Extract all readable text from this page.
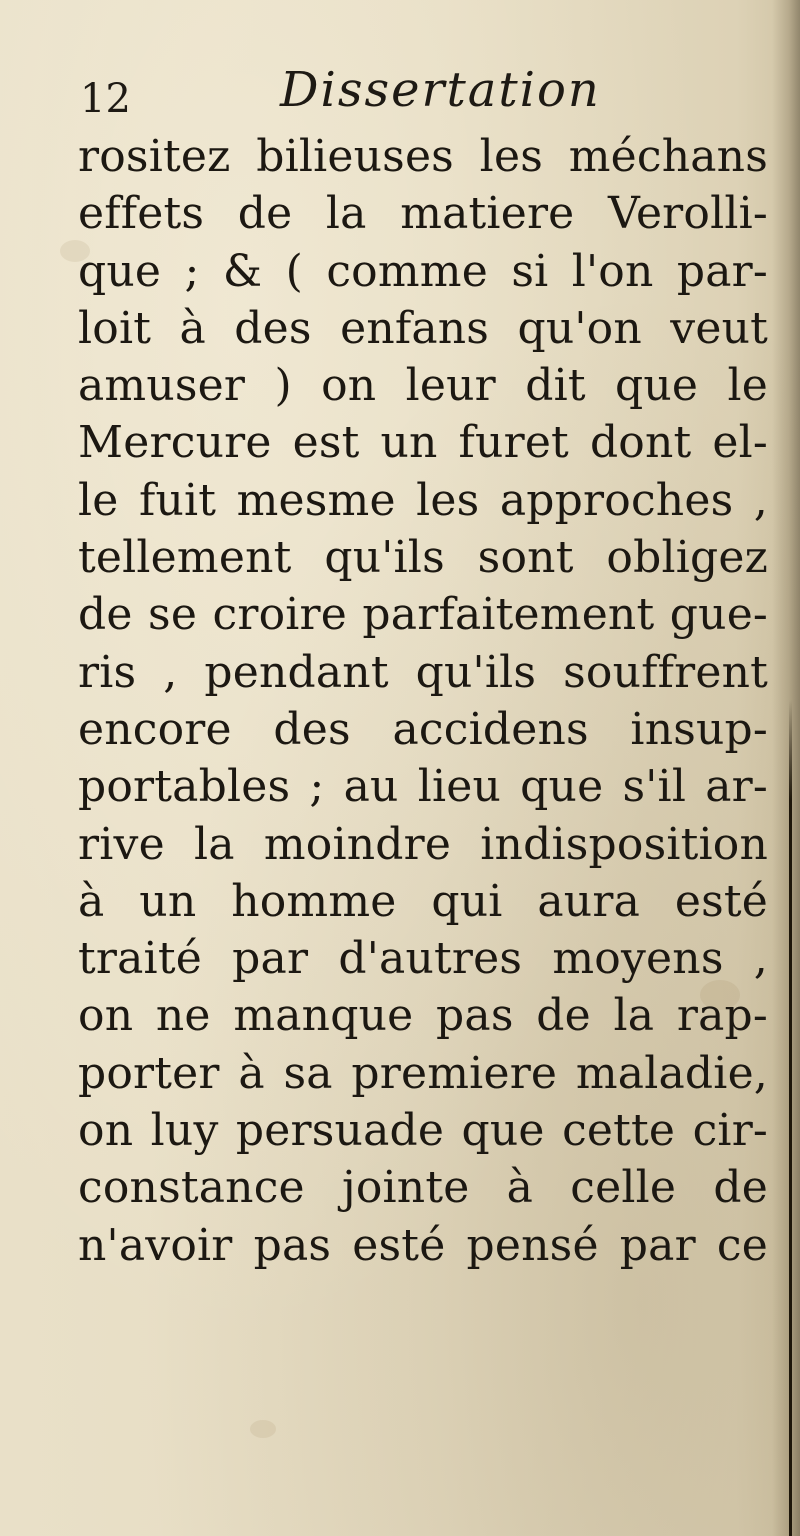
12	Dissertation
rositez bilieuses les méchans
effets de la matiere Verolli-
que ; & ( comme si l'on par-
loit à des enfans qu'on veut
amuser ) on leur dit que le
Mercure est un furet dont el-
le fuit mesme les approches ,
tellement qu'ils sont obligez
de se croire parfaitement gue-
ris , pendant qu'ils souffrent
encore des accidens insup-
portables ; au lieu que s'il ar-
rive la moindre indisposition
à un homme qui aura esté
traité par d'autres moyens ,
on ne manque pas de la rap-
porter à sa premiere maladie,
on luy persuade que cette cir-
constance jointe à celle de
n'avoir pas esté pensé par ce
